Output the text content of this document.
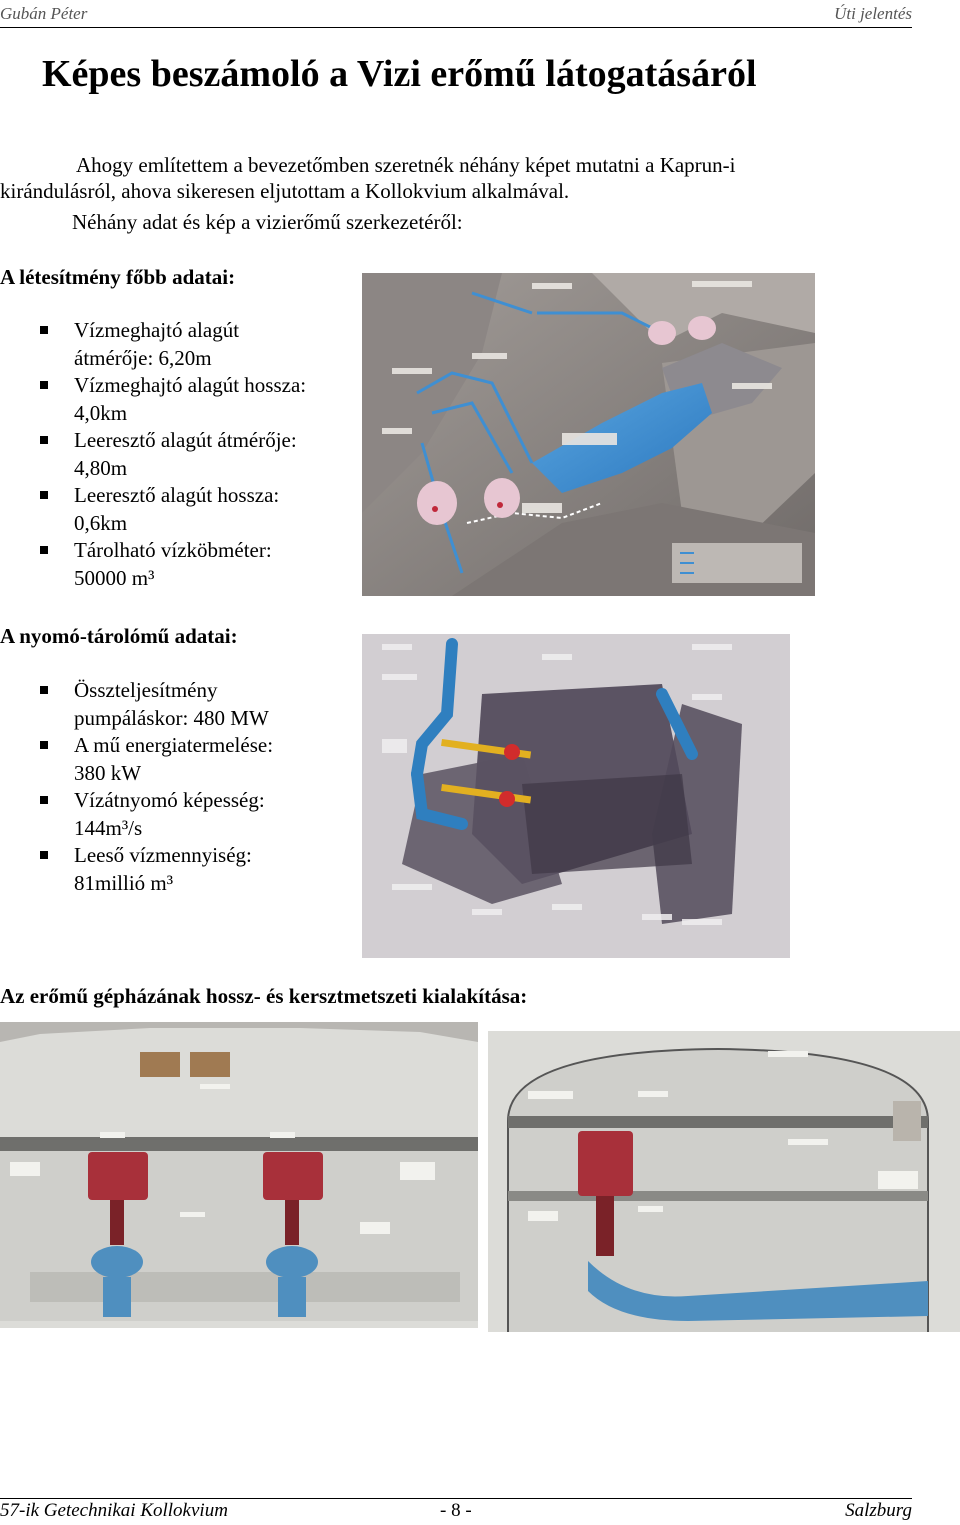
Gubán Péter	Úti jelentés
Képes beszámoló a Vizi erőmű látogatásáról
Ahogy említettem a bevezetőmben szeretnék néhány képet mutatni a Kaprun-i
kirándulásról, ahova sikeresen eljutottam a Kollokvium alkalmával.
Néhány adat és kép a vizierőmű szerkezetéről:
A létesítmény főbb adatai:
Vízmeghajtó alagút
átmérője: 6,20m
Vízmeghajtó alagút hossza:
4,0km
Leeresztő alagút átmérője:
4,80m
Leeresztő alagút hossza:
0,6km
Tárolható vízköbméter:
50000 m³
A nyomó-tárolómű adatai:
Összteljesítmény
pumpáláskor: 480 MW
A mű energiatermelése:
380 kW
Vízátnyomó képesség:
144m³/s
Leeső vízmennyiség:
81millió m³
Az erőmű gépházának hossz- és kersztmetszeti kialakítása:
57-ik Getechnikai Kollokvium	- 8 -	Salzburg
